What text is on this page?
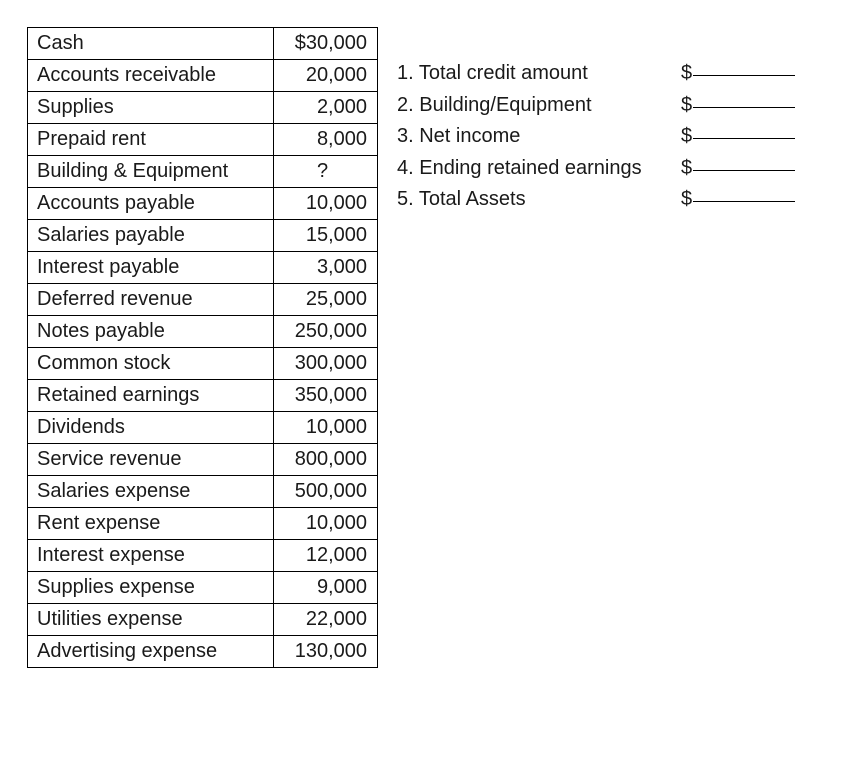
Cash	$30,000
Accounts receivable	20,000
Supplies	2,000
Prepaid rent	8,000
Building & Equipment	?
Accounts payable	10,000
Salaries payable	15,000
Interest payable	3,000
Deferred revenue	25,000
Notes payable	250,000
Common stock	300,000
Retained earnings	350,000
Dividends	10,000
Service revenue	800,000
Salaries expense	500,000
Rent expense	10,000
Interest expense	12,000
Supplies expense	9,000
Utilities expense	22,000
Advertising expense	130,000
1. Total credit amount	$
2. Building/Equipment	$
3. Net income	$
4. Ending retained earnings $
5. Total Assets	$
